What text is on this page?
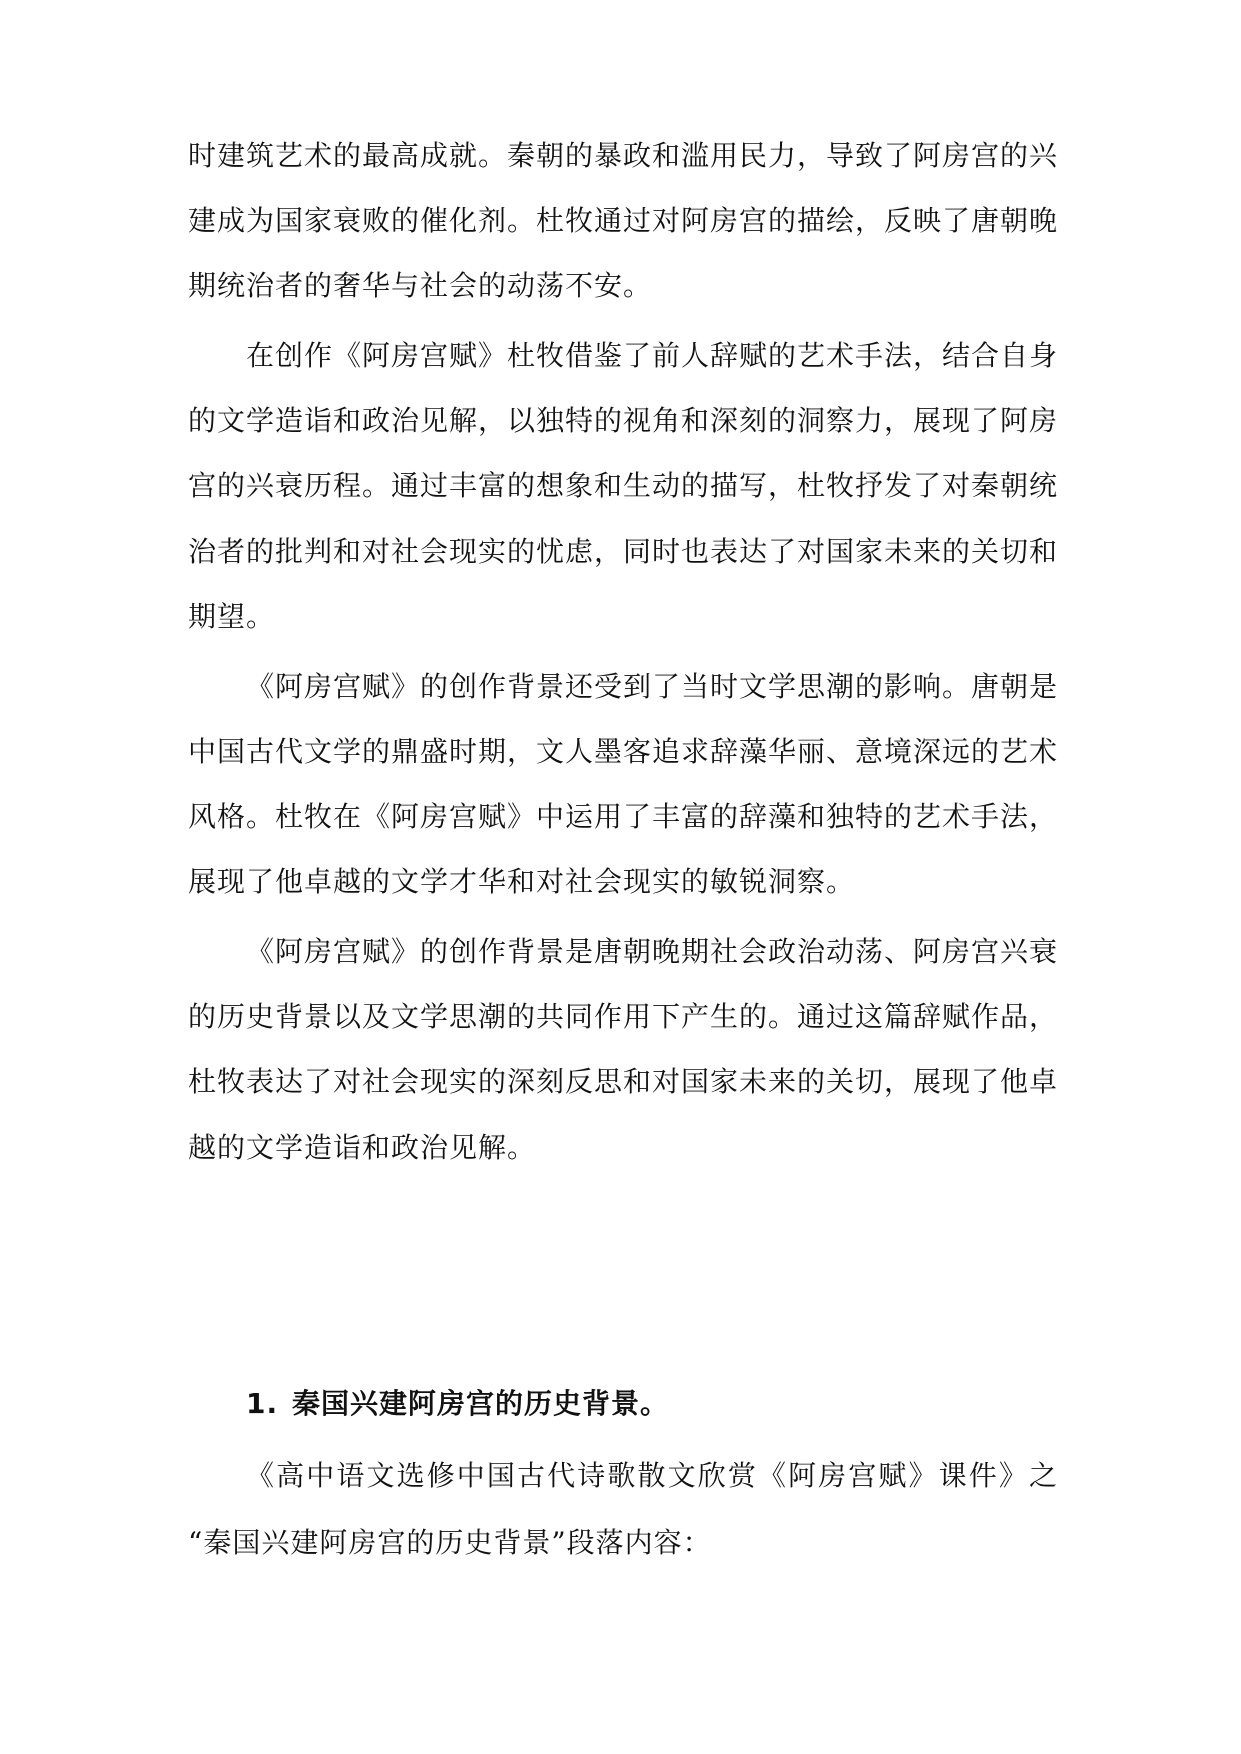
时建筑艺术的最高成就。秦朝的暴政和滥用民力，导致了阿房宫的兴
建成为国家衰败的催化剂。杜牧通过对阿房宫的描绘，反映了唐朝晚
期统治者的奢华与社会的动荡不安。
在创作《阿房宫赋》杜牧借鉴了前人辞赋的艺术手法，结合自身
的文学造诣和政治见解，以独特的视角和深刻的洞察力，展现了阿房
宫的兴衰历程。通过丰富的想象和生动的描写，杜牧抒发了对秦朝统
治者的批判和对社会现实的忧虑，同时也表达了对国家未来的关切和
期望。
《阿房宫赋》的创作背景还受到了当时文学思潮的影响。唐朝是
中国古代文学的鼎盛时期，文人墨客追求辞藻华丽、意境深远的艺术
风格。杜牧在《阿房宫赋》中运用了丰富的辞藻和独特的艺术手法，
展现了他卓越的文学才华和对社会现实的敏锐洞察。
《阿房宫赋》的创作背景是唐朝晚期社会政治动荡、阿房宫兴衰
的历史背景以及文学思潮的共同作用下产生的。通过这篇辞赋作品，
杜牧表达了对社会现实的深刻反思和对国家未来的关切，展现了他卓
越的文学造诣和政治见解。
1. 秦国兴建阿房宫的历史背景。
《高中语文选修中国古代诗歌散文欣赏《阿房宫赋》课件》之
“秦国兴建阿房宫的历史背景”段落内容：
